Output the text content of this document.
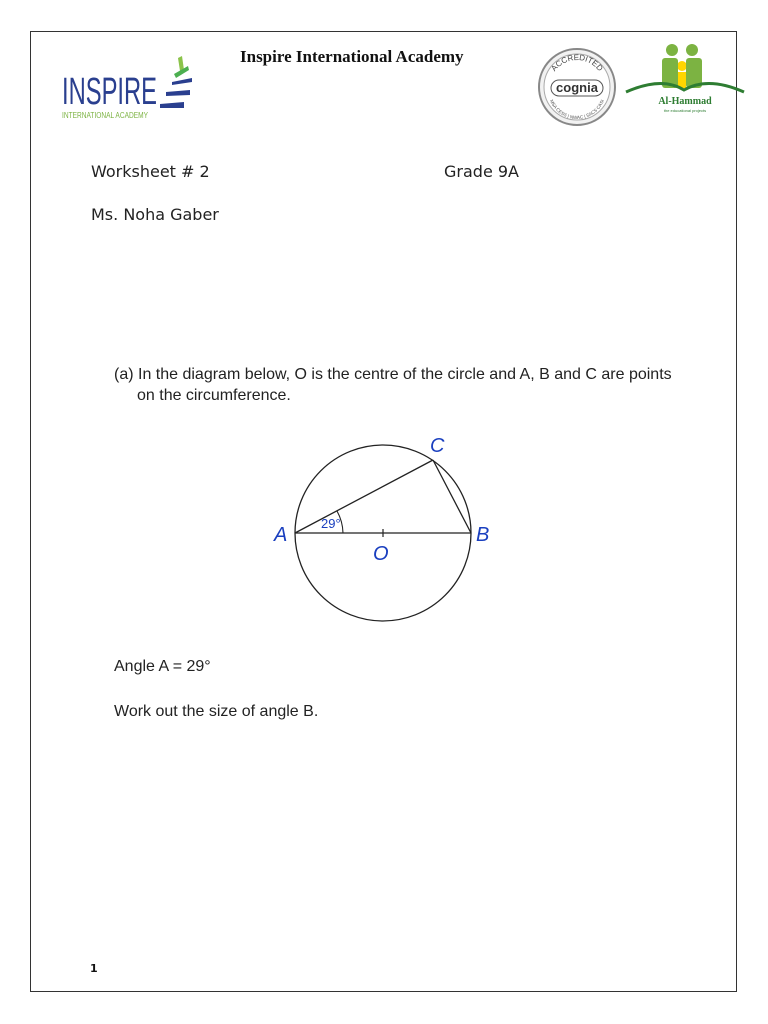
INSPIRE
INTERNATIONAL ACADEMY
Inspire International Academy
ACCREDITED
cognia
MSA CESS | NWAC | SACS CASI	Al-Hammad
the educational projects
Worksheet # 2	Grade 9A
Ms. Noha Gaber
(a) In the diagram below, O is the centre of the circle and A, B and C are points
on the circumference.
29°
A	B
C
O
Angle A = 29°
Work out the size of angle B.
1
